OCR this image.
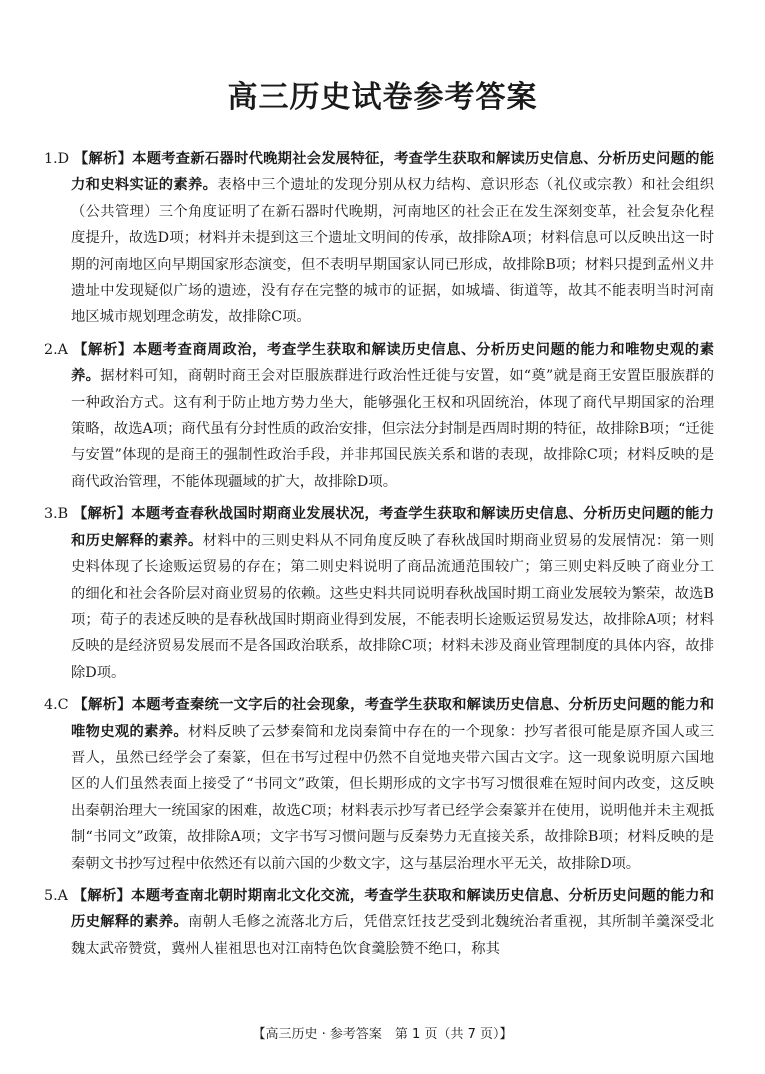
高三历史试卷参考答案

1.D 【解析】本题考查新石器时代晚期社会发展特征，考查学生获取和解读历史信息、分析历史问题的能力和史料实证的素养。表格中三个遗址的发现分别从权力结构、意识形态（礼仪或宗教）和社会组织（公共管理）三个角度证明了在新石器时代晚期，河南地区的社会正在发生深刻变革，社会复杂化程度提升，故选D项；材料并未提到这三个遗址文明间的传承，故排除A项；材料信息可以反映出这一时期的河南地区向早期国家形态演变，但不表明早期国家认同已形成，故排除B项；材料只提到孟州义井遗址中发现疑似广场的遗迹，没有存在完整的城市的证据，如城墙、街道等，故其不能表明当时河南地区城市规划理念萌发，故排除C项。

2.A 【解析】本题考查商周政治，考查学生获取和解读历史信息、分析历史问题的能力和唯物史观的素养。据材料可知，商朝时商王会对臣服族群进行政治性迁徙与安置，如“奠”就是商王安置臣服族群的一种政治方式。这有利于防止地方势力坐大，能够强化王权和巩固统治，体现了商代早期国家的治理策略，故选A项；商代虽有分封性质的政治安排，但宗法分封制是西周时期的特征，故排除B项；“迁徙与安置”体现的是商王的强制性政治手段，并非邦国民族关系和谐的表现，故排除C项；材料反映的是商代政治管理，不能体现疆域的扩大，故排除D项。

3.B 【解析】本题考查春秋战国时期商业发展状况，考查学生获取和解读历史信息、分析历史问题的能力和历史解释的素养。材料中的三则史料从不同角度反映了春秋战国时期商业贸易的发展情况：第一则史料体现了长途贩运贸易的存在；第二则史料说明了商品流通范围较广；第三则史料反映了商业分工的细化和社会各阶层对商业贸易的依赖。这些史料共同说明春秋战国时期工商业发展较为繁荣，故选B项；荀子的表述反映的是春秋战国时期商业得到发展，不能表明长途贩运贸易发达，故排除A项；材料反映的是经济贸易发展而不是各国政治联系，故排除C项；材料未涉及商业管理制度的具体内容，故排除D项。

4.C 【解析】本题考查秦统一文字后的社会现象，考查学生获取和解读历史信息、分析历史问题的能力和唯物史观的素养。材料反映了云梦秦简和龙岗秦简中存在的一个现象：抄写者很可能是原齐国人或三晋人，虽然已经学会了秦篆，但在书写过程中仍然不自觉地夹带六国古文字。这一现象说明原六国地区的人们虽然表面上接受了“书同文”政策，但长期形成的文字书写习惯很难在短时间内改变，这反映出秦朝治理大一统国家的困难，故选C项；材料表示抄写者已经学会秦篆并在使用，说明他并未主观抵制“书同文”政策，故排除A项；文字书写习惯问题与反秦势力无直接关系，故排除B项；材料反映的是秦朝文书抄写过程中依然还有以前六国的少数文字，这与基层治理水平无关，故排除D项。

5.A 【解析】本题考查南北朝时期南北文化交流，考查学生获取和解读历史信息、分析历史问题的能力和历史解释的素养。南朝人毛修之流落北方后，凭借烹饪技艺受到北魏统治者重视，其所制羊羹深受北魏太武帝赞赏，冀州人崔祖思也对江南特色饮食羹脍赞不绝口，称其

【高三历史 · 参考答案　第 1 页（共 7 页）】
